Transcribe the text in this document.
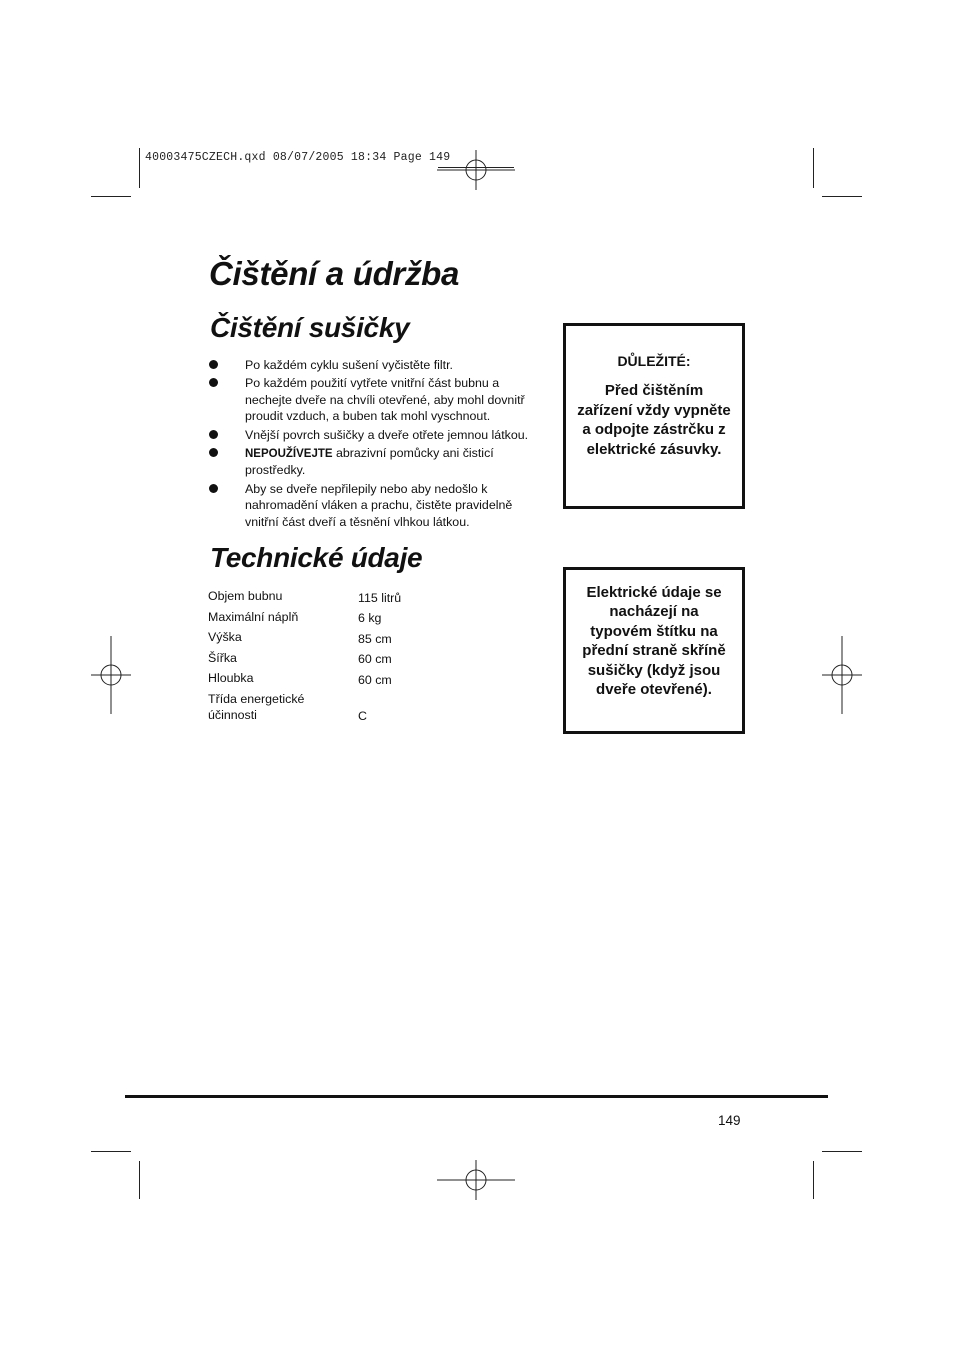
40003475CZECH.qxd 08/07/2005 18:34 Page 149
Čištění a údržba
Čištění sušičky
Po každém cyklu sušení vyčistěte filtr.
Po každém použití vytřete vnitřní část bubnu a nechejte dveře na chvíli otevřené, aby mohl dovnitř proudit vzduch, a buben tak mohl vyschnout.
Vnější povrch sušičky a dveře otřete jemnou látkou.
NEPOUŽÍVEJTE abrazivní pomůcky ani čisticí prostředky.
Aby se dveře nepřilepily nebo aby nedošlo k nahromadění vláken a prachu, čistěte pravidelně vnitřní část dveří a těsnění vlhkou látkou.
Technické údaje
Objem bubnu	115 litrů
Maximální náplň	6 kg
Výška	85 cm
Šířka	60 cm
Hloubka	60 cm
Třída energetické účinnosti	C

DŮLEŽITÉ:

Před čištěním zařízení vždy vypněte a odpojte zástrčku z elektrické zásuvky.

Elektrické údaje se nacházejí na typovém štítku na přední straně skříně sušičky (když jsou dveře otevřené).

149
